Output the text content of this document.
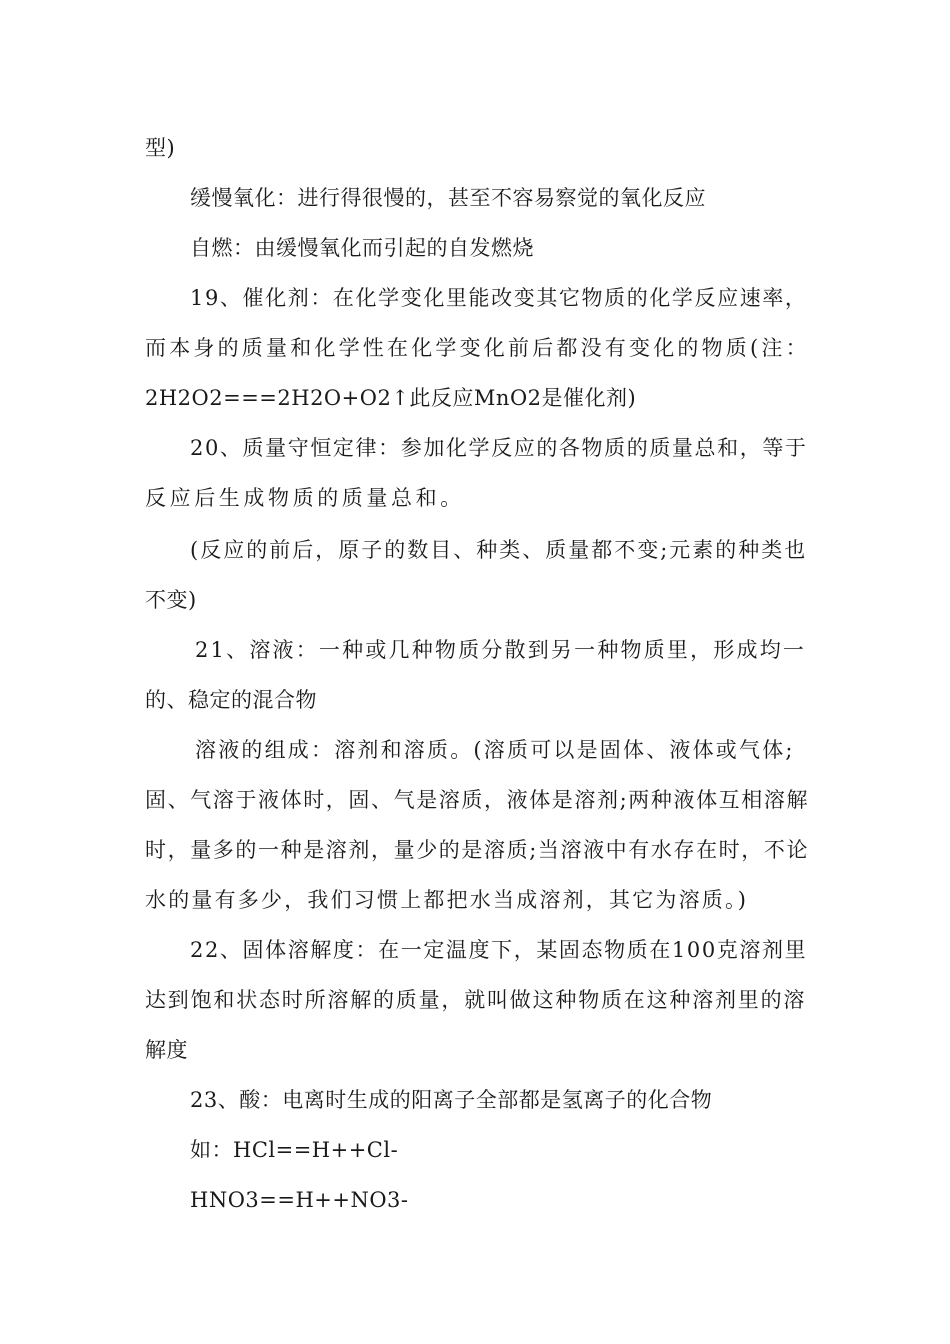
型)
缓慢氧化：进行得很慢的，甚至不容易察觉的氧化反应
自燃：由缓慢氧化而引起的自发燃烧
19、催化剂：在化学变化里能改变其它物质的化学反应速率，
而本身的质量和化学性在化学变化前后都没有变化的物质(注：
2H2O2===2H2O+O2↑此反应MnO2是催化剂)
20、质量守恒定律：参加化学反应的各物质的质量总和，等于
反应后生成物质的质量总和。
(反应的前后，原子的数目、种类、质量都不变;元素的种类也
不变)
21、溶液：一种或几种物质分散到另一种物质里，形成均一
的、稳定的混合物
溶液的组成：溶剂和溶质。(溶质可以是固体、液体或气体;
固、气溶于液体时，固、气是溶质，液体是溶剂;两种液体互相溶解
时，量多的一种是溶剂，量少的是溶质;当溶液中有水存在时，不论
水的量有多少，我们习惯上都把水当成溶剂，其它为溶质。)
22、固体溶解度：在一定温度下，某固态物质在100克溶剂里
达到饱和状态时所溶解的质量，就叫做这种物质在这种溶剂里的溶
解度
23、酸：电离时生成的阳离子全部都是氢离子的化合物
如：HCl==H++Cl-
HNO3==H++NO3-
